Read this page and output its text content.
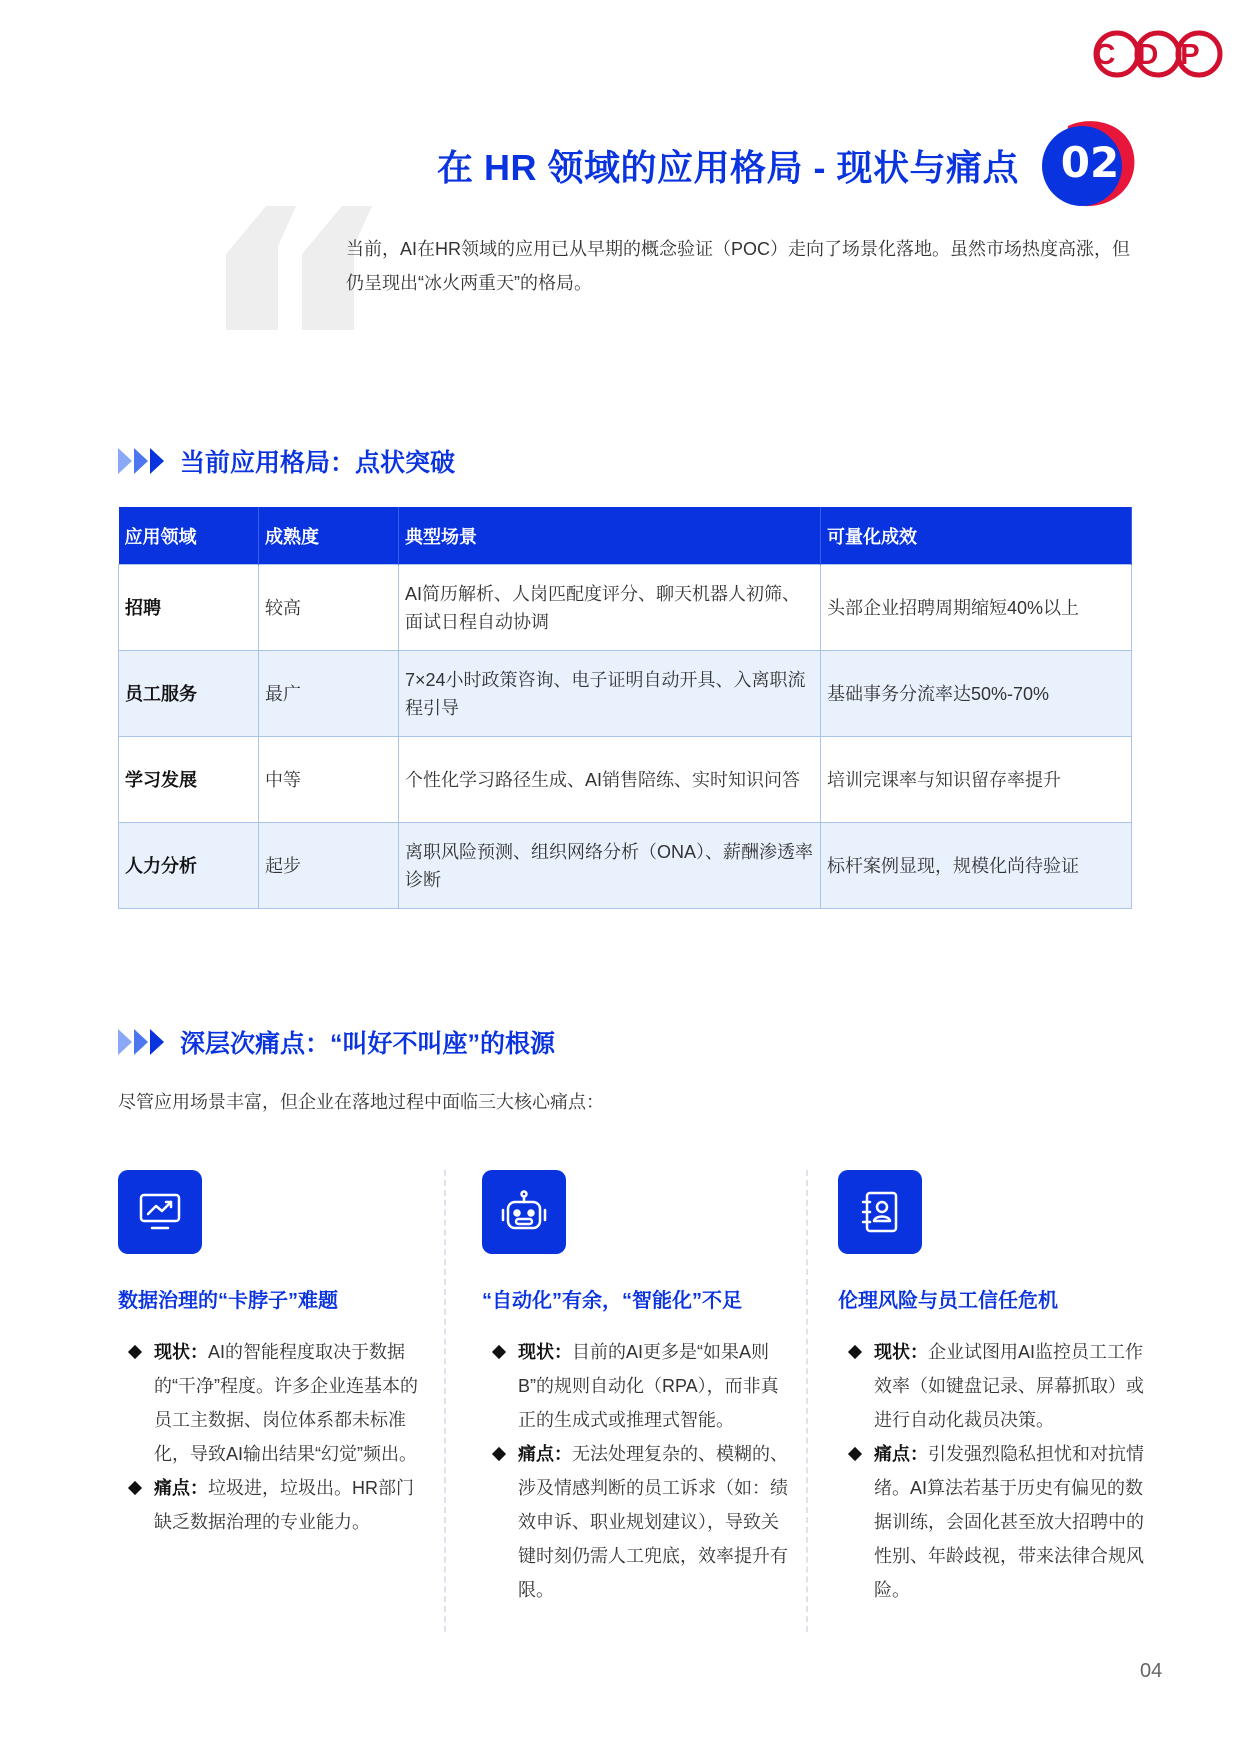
CDP
在 HR 领域的应用格局 - 现状与痛点 02
当前，AI在HR领域的应用已从早期的概念验证（POC）走向了场景化落地。虽然市场热度高涨，但仍呈现出“冰火两重天”的格局。
当前应用格局：点状突破
应用领域	成熟度	典型场景	可量化成效
招聘	较高	AI简历解析、人岗匹配度评分、聊天机器人初筛、面试日程自动协调	头部企业招聘周期缩短40%以上
员工服务	最广	7×24小时政策咨询、电子证明自动开具、入离职流程引导	基础事务分流率达50%-70%
学习发展	中等	个性化学习路径生成、AI销售陪练、实时知识问答	培训完课率与知识留存率提升
人力分析	起步	离职风险预测、组织网络分析（ONA）、薪酬渗透率诊断	标杆案例显现，规模化尚待验证
深层次痛点：“叫好不叫座”的根源
尽管应用场景丰富，但企业在落地过程中面临三大核心痛点：
数据治理的“卡脖子”难题
现状：AI的智能程度取决于数据的“干净”程度。许多企业连基本的员工主数据、岗位体系都未标准化，导致AI输出结果“幻觉”频出。
痛点：垃圾进，垃圾出。HR部门缺乏数据治理的专业能力。
“自动化”有余，“智能化”不足
现状：目前的AI更多是“如果A则B”的规则自动化（RPA），而非真正的生成式或推理式智能。
痛点：无法处理复杂的、模糊的、涉及情感判断的员工诉求（如：绩效申诉、职业规划建议），导致关键时刻仍需人工兜底，效率提升有限。
伦理风险与员工信任危机
现状：企业试图用AI监控员工工作效率（如键盘记录、屏幕抓取）或进行自动化裁员决策。
痛点：引发强烈隐私担忧和对抗情绪。AI算法若基于历史有偏见的数据训练，会固化甚至放大招聘中的性别、年龄歧视，带来法律合规风险。
04
